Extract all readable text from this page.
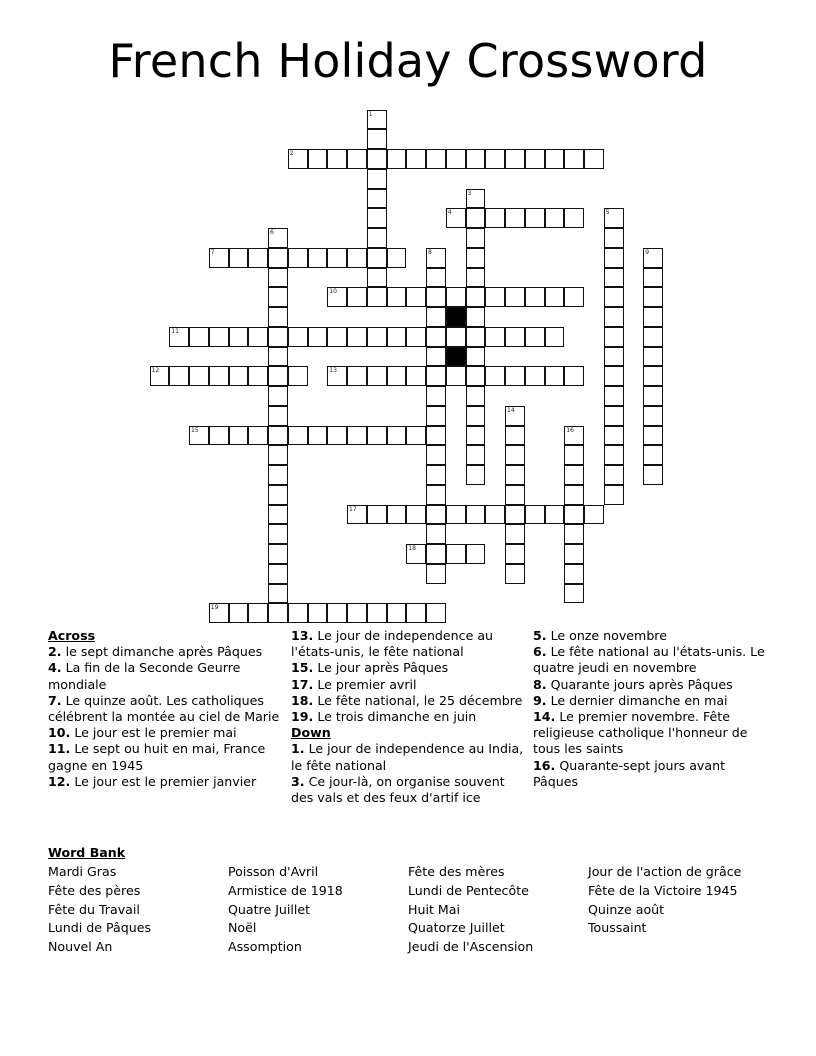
French Holiday Crossword
1
2
3
4	5
6
7	8	9
10
11
12	13
14
15	16
17
18
19
Across
2. le sept dimanche après Pâques
4. La fin de la Seconde Geurre mondiale
7. Le quinze août. Les catholiques célébrent la montée au ciel de Marie
10. Le jour est le premier mai
11. Le sept ou huit en mai, France gagne en 1945
12. Le jour est le premier janvier
13. Le jour de independence au l'états-unis, le fête national
15. Le jour après Pâques
17. Le premier avril
18. Le fête national, le 25 décembre
19. Le trois dimanche en juin
Down
1. Le jour de independence au India, le fête national
3. Ce jour-là, on organise souvent des vals et des feux d'artif ice
5. Le onze novembre
6. Le fête national au l'états-unis. Le quatre jeudi en novembre
8. Quarante jours après Pâques
9. Le dernier dimanche en mai
14. Le premier novembre. Fête religieuse catholique l'honneur de tous les saints
16. Quarante-sept jours avant Pâques
Word Bank
Mardi Gras
Fête des pères
Fête du Travail
Lundi de Pâques
Nouvel An
Poisson d'Avril
Armistice de 1918
Quatre Juillet
Noël
Assomption
Fête des mères
Lundi de Pentecôte
Huit Mai
Quatorze Juillet
Jeudi de l'Ascension
Jour de l'action de grâce
Fête de la Victoire 1945
Quinze août
Toussaint
